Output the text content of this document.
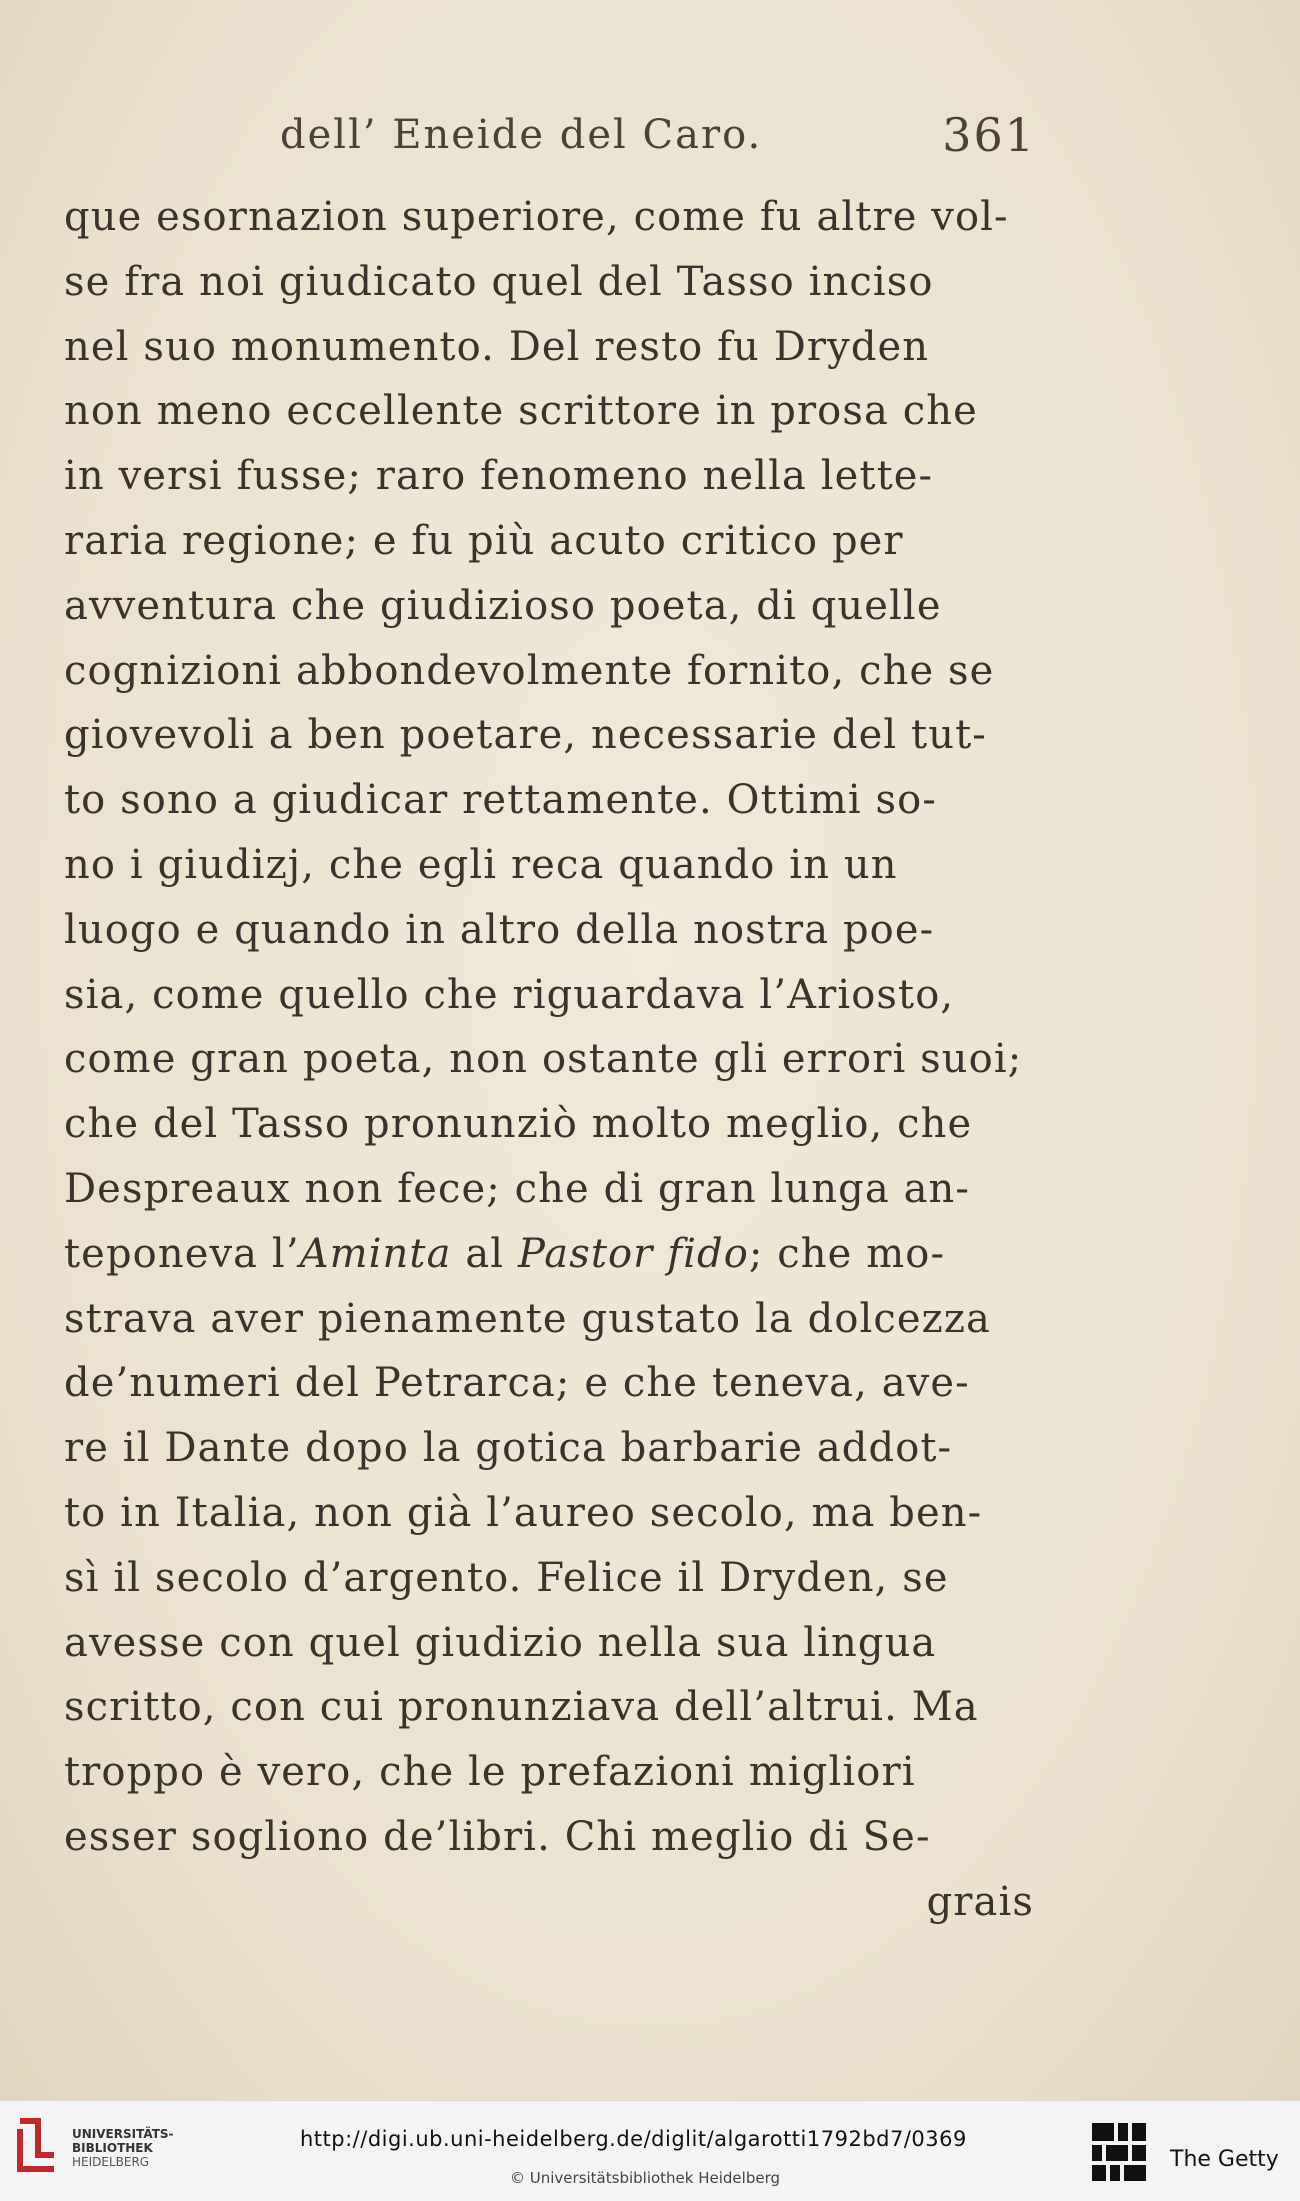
dell’ Eneide del Caro.	361
que esornazion superiore, come fu altre vol-
se fra noi giudicato quel del Tasso inciso
nel suo monumento. Del resto fu Dryden
non meno eccellente scrittore in prosa che
in versi fusse; raro fenomeno nella lette-
raria regione; e fu più acuto critico per
avventura che giudizioso poeta, di quelle
cognizioni abbondevolmente fornito, che se
giovevoli a ben poetare, necessarie del tut-
to sono a giudicar rettamente. Ottimi so-
no i giudizj, che egli reca quando in un
luogo e quando in altro della nostra poe-
sia, come quello che riguardava l’Ariosto,
come gran poeta, non ostante gli errori suoi;
che del Tasso pronunziò molto meglio, che
Despreaux non fece; che di gran lunga an-
teponeva l’Aminta al Pastor fido; che mo-
strava aver pienamente gustato la dolcezza
de’numeri del Petrarca; e che teneva, ave-
re il Dante dopo la gotica barbarie addot-
to in Italia, non già l’aureo secolo, ma ben-
sì il secolo d’argento. Felice il Dryden, se
avesse con quel giudizio nella sua lingua
scritto, con cui pronunziava dell’altrui. Ma
troppo è vero, che le prefazioni migliori
esser sogliono de’libri. Chi meglio di Se-
grais
UNIVERSITÄTS-
BIBLIOTHEK
HEIDELBERG
http://digi.ub.uni-heidelberg.de/diglit/algarotti1792bd7/0369
© Universitätsbibliothek Heidelberg
The Getty
